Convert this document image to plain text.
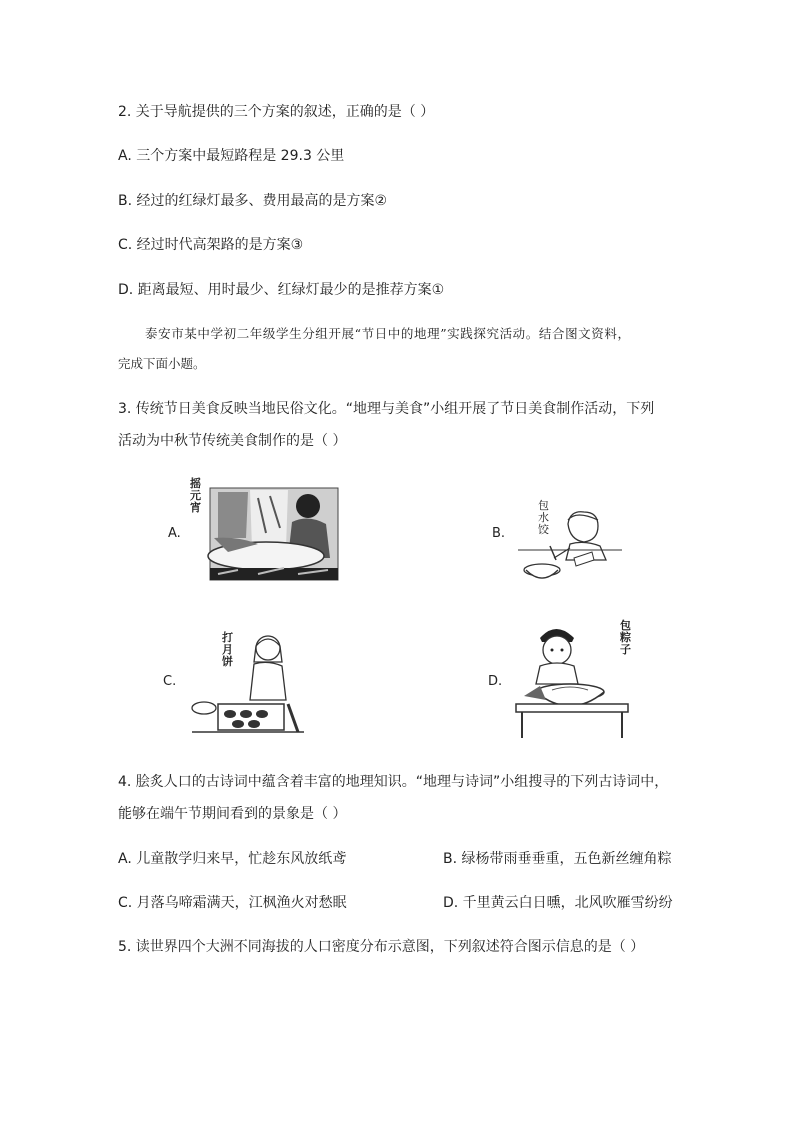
2. 关于导航提供的三个方案的叙述，正确的是（ ）
A. 三个方案中最短路程是 29.3 公里
B. 经过的红绿灯最多、费用最高的是方案②
C. 经过时代高架路的是方案③
D. 距离最短、用时最少、红绿灯最少的是推荐方案①
泰安市某中学初二年级学生分组开展“节日中的地理”实践探究活动。结合图文资料，
完成下面小题。
3. 传统节日美食反映当地民俗文化。“地理与美食”小组开展了节日美食制作活动，下列
活动为中秋节传统美食制作的是（ ）
A.
摇元宵
B.
包水饺
C.
打月饼
D.
包粽子
4. 脍炙人口的古诗词中蕴含着丰富的地理知识。“地理与诗词”小组搜寻的下列古诗词中，
能够在端午节期间看到的景象是（ ）
A. 儿童散学归来早，忙趁东风放纸鸢	B. 绿杨带雨垂垂重，五色新丝缠角粽
C. 月落乌啼霜满天，江枫渔火对愁眠	D. 千里黄云白日曛，北风吹雁雪纷纷
5. 读世界四个大洲不同海拔的人口密度分布示意图，下列叙述符合图示信息的是（ ）
